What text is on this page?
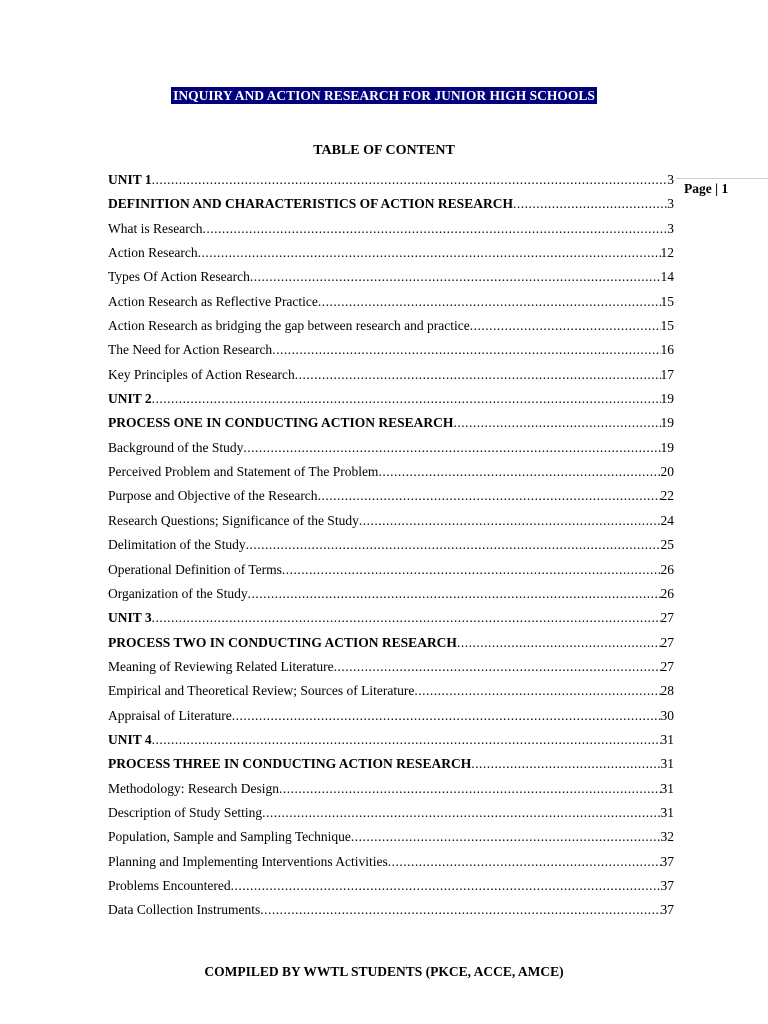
INQUIRY AND ACTION RESEARCH FOR JUNIOR HIGH SCHOOLS
TABLE OF CONTENT
Page | 1
UNIT 1 .....	3
DEFINITION AND CHARACTERISTICS OF ACTION RESEARCH .....	3
What is Research .....	3
Action Research .....	12
Types Of Action Research .....	14
Action Research as Reflective Practice .....	15
Action Research as bridging the gap between research and practice .....	15
The Need for Action Research .....	16
Key Principles of Action Research .....	17
UNIT 2 .....	19
PROCESS ONE IN CONDUCTING ACTION RESEARCH .....	19
Background of the Study .....	19
Perceived Problem and Statement of The Problem .....	20
Purpose and Objective of the Research .....	22
Research Questions; Significance of the Study .....	24
Delimitation of the Study .....	25
Operational Definition of Terms .....	26
Organization of the Study .....	26
UNIT 3 .....	27
PROCESS TWO IN CONDUCTING ACTION RESEARCH .....	27
Meaning of Reviewing Related Literature .....	27
Empirical and Theoretical Review; Sources of Literature .....	28
Appraisal of Literature .....	30
UNIT 4 .....	31
PROCESS THREE IN CONDUCTING ACTION RESEARCH .....	31
Methodology: Research Design .....	31
Description of Study Setting .....	31
Population, Sample and Sampling Technique .....	32
Planning and Implementing Interventions Activities .....	37
Problems Encountered .....	37
Data Collection Instruments .....	37
COMPILED BY WWTL STUDENTS (PKCE, ACCE, AMCE)
